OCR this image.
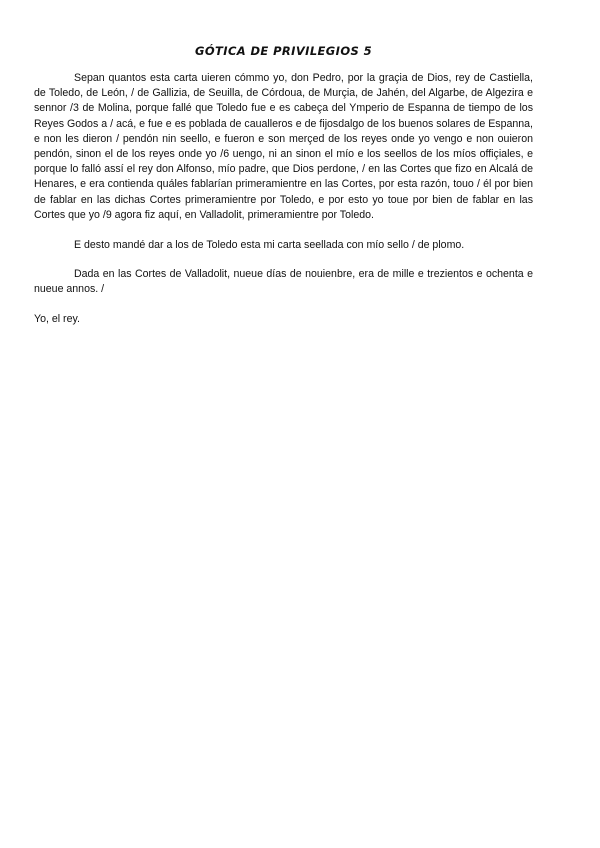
GÓTICA DE PRIVILEGIOS 5

Sepan quantos esta carta uieren cómmo yo, don Pedro, por la graçia de Dios, rey de Castiella, de Toledo, de León, / de Gallizia, de Seuilla, de Córdoua, de Murçia, de Jahén, del Algarbe, de Algezira e sennor /3 de Molina, porque fallé que Toledo fue e es cabeça del Ymperio de Espanna de tiempo de los Reyes Godos a / acá, e fue e es poblada de caualleros e de fijosdalgo de los buenos solares de Espanna, e non les dieron / pendón nin seello, e fueron e son merçed de los reyes onde yo vengo e non ouieron pendón, sinon el de los reyes onde yo /6 uengo, ni an sinon el mío e los seellos de los míos offiçiales, e porque lo falló assí el rey don Alfonso, mío padre, que Dios perdone, / en las Cortes que fizo en Alcalá de Henares, e era contienda quáles fablarían primeramientre en las Cortes, por esta razón, touo / él por bien de fablar en las dichas Cortes primeramientre por Toledo, e por esto yo toue por bien de fablar en las Cortes que yo /9 agora fiz aquí, en Valladolit, primeramientre por Toledo.

E desto mandé dar a los de Toledo esta mi carta seellada con mío sello / de plomo.

Dada en las Cortes de Valladolit, nueue días de nouienbre, era de mille e trezientos e ochenta e nueue annos. /

Yo, el rey.
